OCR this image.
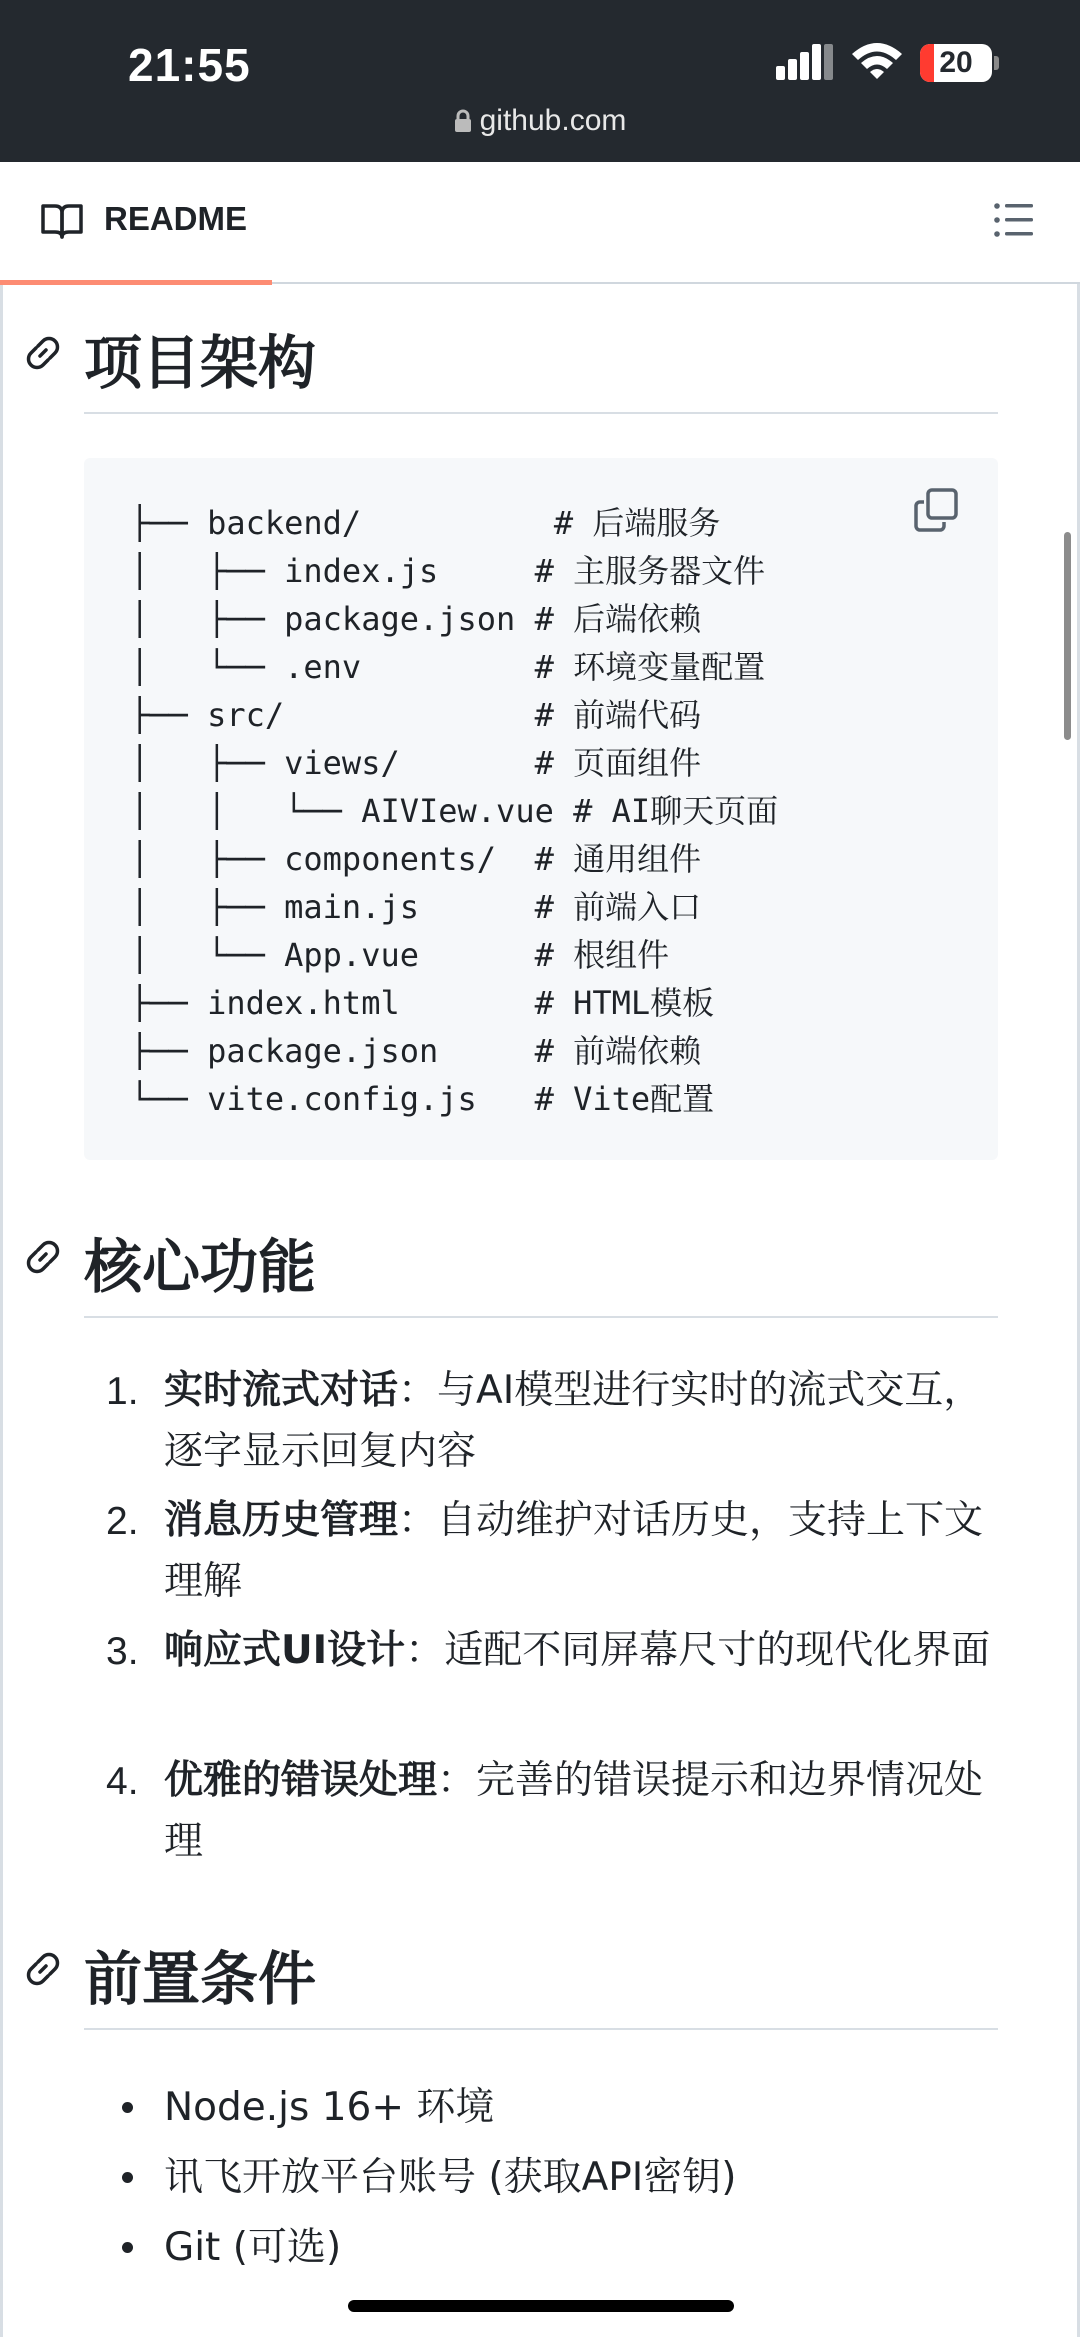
21:55	20
github.com
README
项目架构
├── backend/          # 后端服务
│   ├── index.js     # 主服务器文件
│   ├── package.json # 后端依赖
│   └── .env         # 环境变量配置
├── src/             # 前端代码
│   ├── views/       # 页面组件
│   │   └── AIVIew.vue # AI聊天页面
│   ├── components/  # 通用组件
│   ├── main.js      # 前端入口
│   └── App.vue      # 根组件
├── index.html       # HTML模板
├── package.json     # 前端依赖
└── vite.config.js   # Vite配置
核心功能
1. 实时流式对话：与AI模型进行实时的流式交互，逐字显示回复内容
2. 消息历史管理：自动维护对话历史，支持上下文理解
3. 响应式UI设计：适配不同屏幕尺寸的现代化界面
4. 优雅的错误处理：完善的错误提示和边界情况处理
前置条件
Node.js 16+ 环境
讯飞开放平台账号 (获取API密钥)
Git (可选)
